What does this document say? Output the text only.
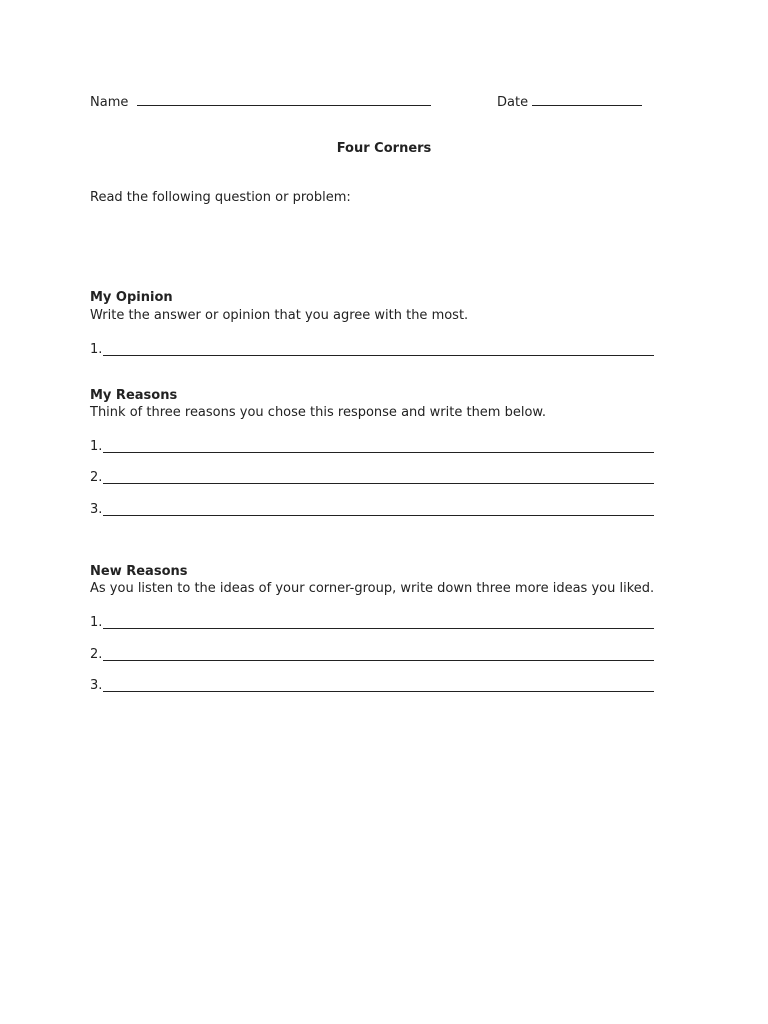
Name	Date
Four Corners
Read the following question or problem:
My Opinion
Write the answer or opinion that you agree with the most.
1.
My Reasons
Think of three reasons you chose this response and write them below.
1.
2.
3.
New Reasons
As you listen to the ideas of your corner-group, write down three more ideas you liked.
1.
2.
3.
